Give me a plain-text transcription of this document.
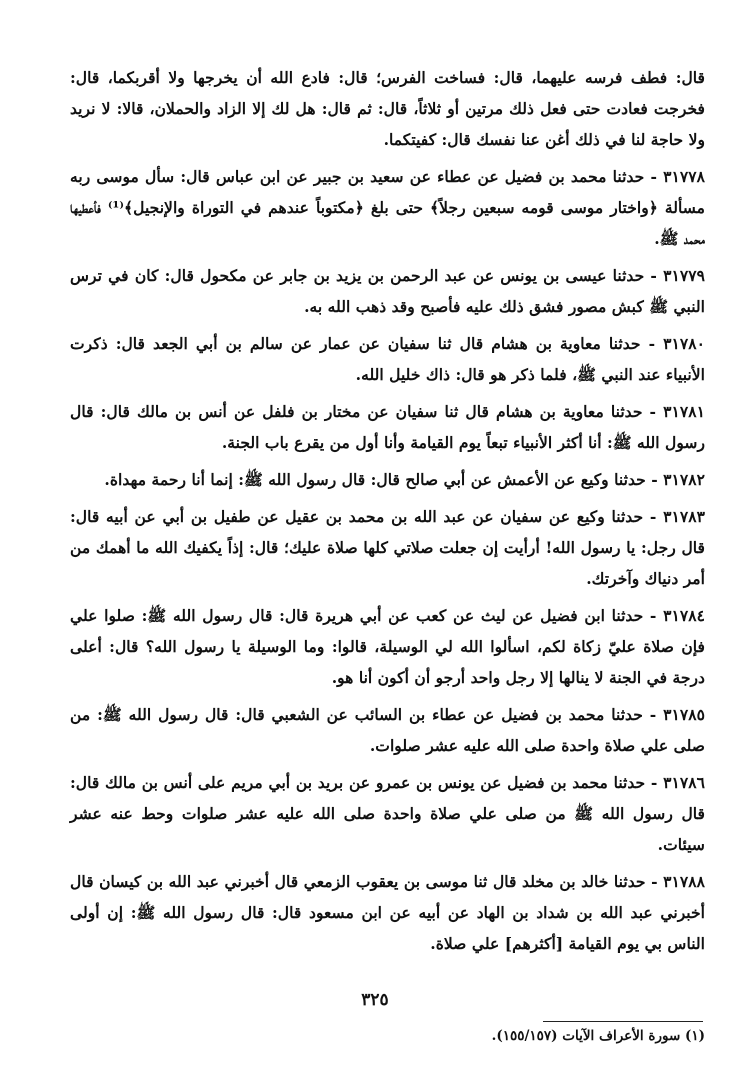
قال: فطف فرسه عليهما، قال: فساخت الفرس؛ قال: فادع الله أن يخرجها ولا أقربكما، قال: فخرجت فعادت حتى فعل ذلك مرتين أو ثلاثاً، قال: ثم قال: هل لك إلا الزاد والحملان، قالا: لا نريد ولا حاجة لنا في ذلك أغن عنا نفسك قال: كفيتكما.

٣١٧٧٨ - حدثنا محمد بن فضيل عن عطاء عن سعيد بن جبير عن ابن عباس قال: سأل موسى ربه مسألة ﴿واختار موسى قومه سبعين رجلاً﴾ حتى بلغ ﴿مكتوباً عندهم في التوراة والإنجيل﴾⁽¹⁾ فأعطيها محمد ﷺ.

٣١٧٧٩ - حدثنا عيسى بن يونس عن عبد الرحمن بن يزيد بن جابر عن مكحول قال: كان في ترس النبي ﷺ كبش مصور فشق ذلك عليه فأصبح وقد ذهب الله به.

٣١٧٨٠ - حدثنا معاوية بن هشام قال ثنا سفيان عن عمار عن سالم بن أبي الجعد قال: ذكرت الأنبياء عند النبي ﷺ، فلما ذكر هو قال: ذاك خليل الله.

٣١٧٨١ - حدثنا معاوية بن هشام قال ثنا سفيان عن مختار بن فلفل عن أنس بن مالك قال: قال رسول الله ﷺ: أنا أكثر الأنبياء تبعاً يوم القيامة وأنا أول من يقرع باب الجنة.

٣١٧٨٢ - حدثنا وكيع عن الأعمش عن أبي صالح قال: قال رسول الله ﷺ: إنما أنا رحمة مهداة.

٣١٧٨٣ - حدثنا وكيع عن سفيان عن عبد الله بن محمد بن عقيل عن طفيل بن أبي عن أبيه قال: قال رجل: يا رسول الله! أرأيت إن جعلت صلاتي كلها صلاة عليك؛ قال: إذاً يكفيك الله ما أهمك من أمر دنياك وآخرتك.

٣١٧٨٤ - حدثنا ابن فضيل عن ليث عن كعب عن أبي هريرة قال: قال رسول الله ﷺ: صلوا علي فإن صلاة عليّ زكاة لكم، اسألوا الله لي الوسيلة، قالوا: وما الوسيلة يا رسول الله؟ قال: أعلى درجة في الجنة لا ينالها إلا رجل واحد أرجو أن أكون أنا هو.

٣١٧٨٥ - حدثنا محمد بن فضيل عن عطاء بن السائب عن الشعبي قال: قال رسول الله ﷺ: من صلى علي صلاة واحدة صلى الله عليه عشر صلوات.

٣١٧٨٦ - حدثنا محمد بن فضيل عن يونس بن عمرو عن بريد بن أبي مريم على أنس بن مالك قال: قال رسول الله ﷺ من صلى علي صلاة واحدة صلى الله عليه عشر صلوات وحط عنه عشر سيئات.

٣١٧٨٨ - حدثنا خالد بن مخلد قال ثنا موسى بن يعقوب الزمعي قال أخبرني عبد الله بن كيسان قال أخبرني عبد الله بن شداد بن الهاد عن أبيه عن ابن مسعود قال: قال رسول الله ﷺ: إن أولى الناس بي يوم القيامة [أكثرهم] علي صلاة.

٣٢٥
(١) سورة الأعراف الآيات (١٥٥/١٥٧).
